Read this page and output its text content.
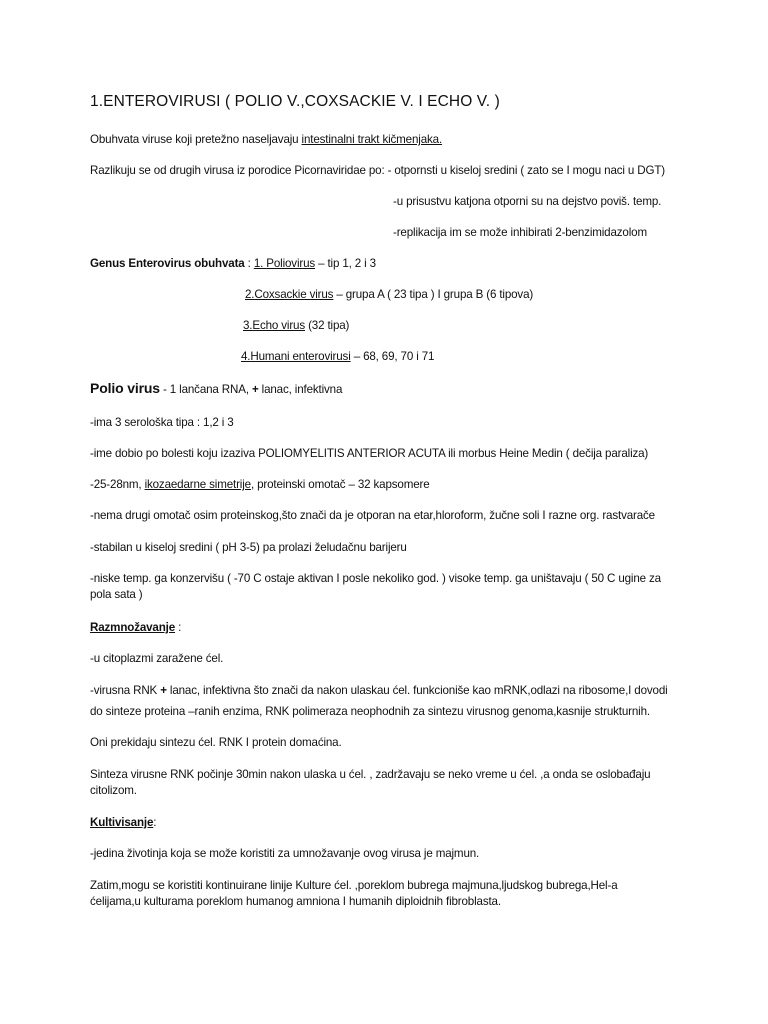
1.ENTEROVIRUSI ( POLIO V.,COXSACKIE V. I ECHO V. )
Obuhvata viruse koji pretežno naseljavaju intestinalni trakt kičmenjaka.
Razlikuju se od drugih virusa iz porodice Picornaviridae po: - otpornsti u kiseloj sredini ( zato se I mogu naci u DGT)
-u prisustvu katjona otporni su na dejstvo poviš. temp.
-replikacija im se može inhibirati 2-benzimidazolom
Genus Enterovirus obuhvata : 1. Poliovirus – tip 1, 2 i 3
2.Coxsackie virus – grupa A ( 23 tipa ) I grupa B (6 tipova)
3.Echo virus (32 tipa)
4.Humani enterovirusi – 68, 69, 70 i 71
Polio virus - 1 lančana RNA, + lanac, infektivna
-ima 3 serološka tipa : 1,2 i 3
-ime dobio po bolesti koju izaziva POLIOMYELITIS ANTERIOR ACUTA ili morbus Heine Medin ( dečija paraliza)
-25-28nm, ikozaedarne simetrije, proteinski omotač – 32 kapsomere
-nema drugi omotač osim proteinskog,što znači da je otporan na etar,hloroform, žučne soli I razne org. rastvarače
-stabilan u kiseloj sredini ( pH 3-5) pa prolazi želudačnu barijeru
-niske temp. ga konzervišu ( -70 C ostaje aktivan I posle nekoliko god. ) visoke temp. ga uništavaju ( 50 C ugine za
pola sata )
Razmnožavanje :
-u citoplazmi zaražene ćel.
-virusna RNK + lanac, infektivna što znači da nakon ulaskau ćel. funkcioniše kao mRNK,odlazi na ribosome,I dovodi
do sinteze proteina –ranih enzima, RNK polimeraza neophodnih za sintezu virusnog genoma,kasnije strukturnih.
Oni prekidaju sintezu ćel. RNK I protein domaćina.
Sinteza virusne RNK počinje 30min nakon ulaska u ćel. , zadržavaju se neko vreme u ćel. ,a onda se oslobađaju
citolizom.
Kultivisanje:
-jedina životinja koja se može koristiti za umnožavanje ovog virusa je majmun.
Zatim,mogu se koristiti kontinuirane linije Kulture ćel. ,poreklom bubrega majmuna,ljudskog bubrega,Hel-a
ćelijama,u kulturama poreklom humanog amniona I humanih diploidnih fibroblasta.
